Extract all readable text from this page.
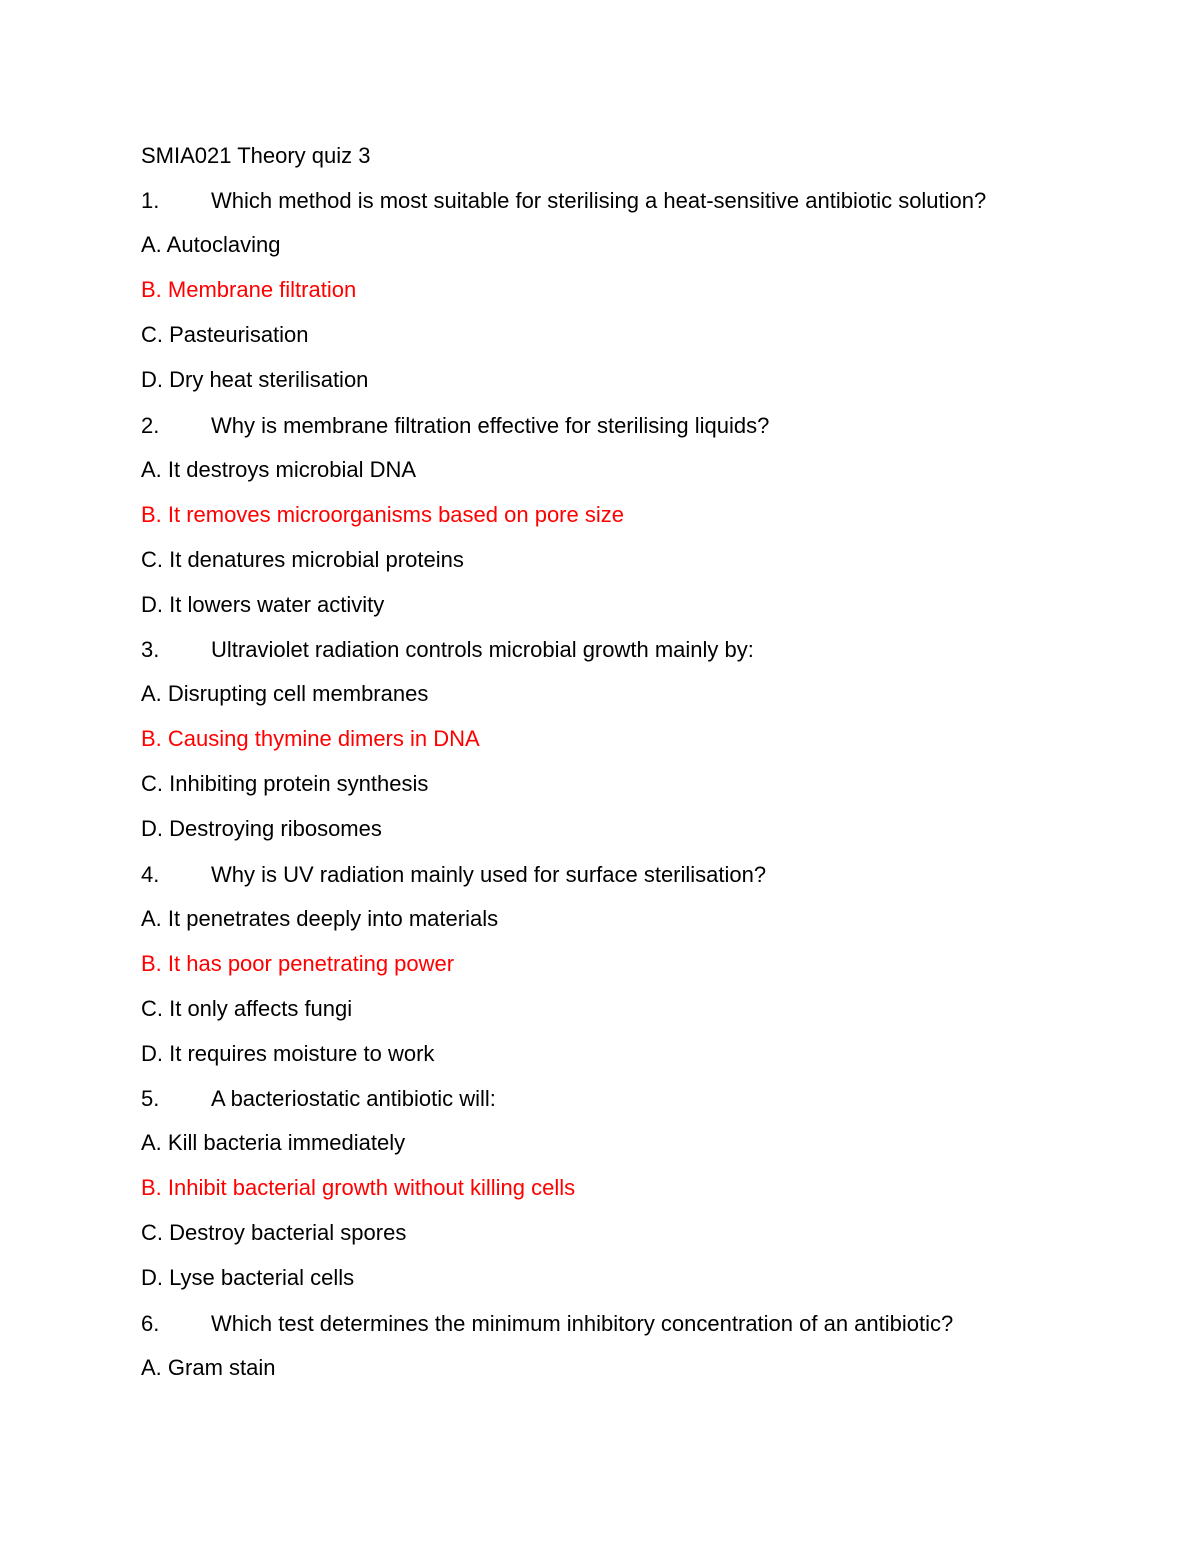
SMIA021 Theory quiz 3
1. Which method is most suitable for sterilising a heat-sensitive antibiotic solution?
A. Autoclaving
B. Membrane filtration
C. Pasteurisation
D. Dry heat sterilisation
2. Why is membrane filtration effective for sterilising liquids?
A. It destroys microbial DNA
B. It removes microorganisms based on pore size
C. It denatures microbial proteins
D. It lowers water activity
3. Ultraviolet radiation controls microbial growth mainly by:
A. Disrupting cell membranes
B. Causing thymine dimers in DNA
C. Inhibiting protein synthesis
D. Destroying ribosomes
4. Why is UV radiation mainly used for surface sterilisation?
A. It penetrates deeply into materials
B. It has poor penetrating power
C. It only affects fungi
D. It requires moisture to work
5. A bacteriostatic antibiotic will:
A. Kill bacteria immediately
B. Inhibit bacterial growth without killing cells
C. Destroy bacterial spores
D. Lyse bacterial cells
6. Which test determines the minimum inhibitory concentration of an antibiotic?
A. Gram stain
